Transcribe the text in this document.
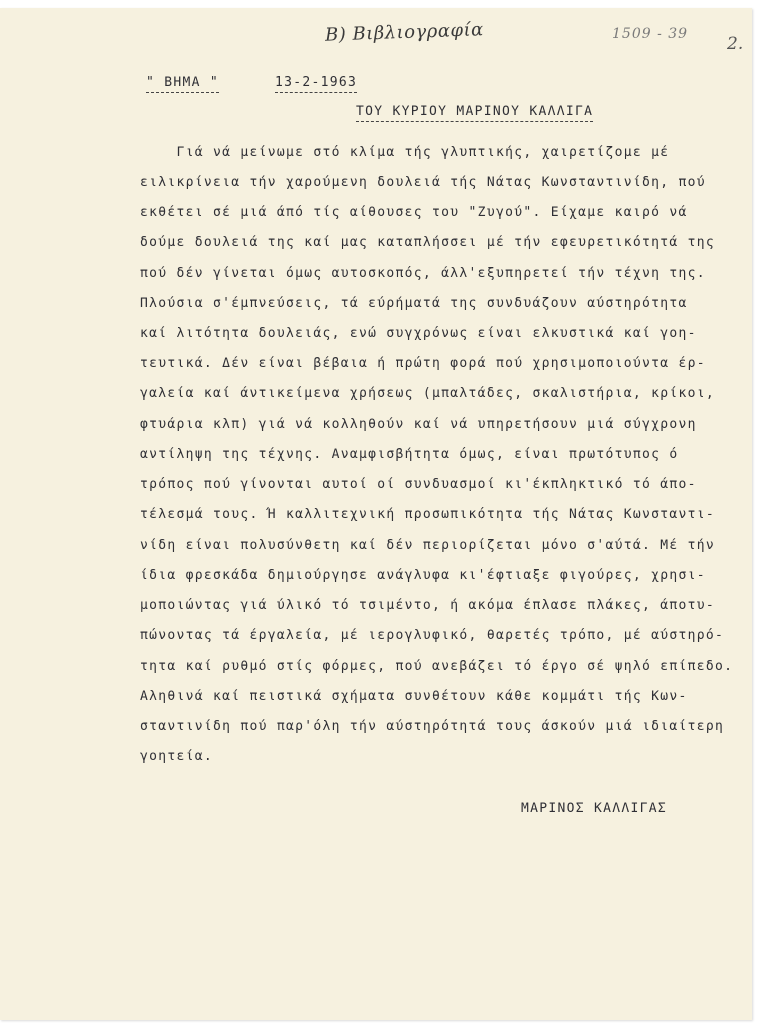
Β) Βιβλιογραφία	1509 - 39 2.
" ΒΗΜΑ "	13-2-1963
ΤΟΥ ΚΥΡΙΟΥ ΜΑΡΙΝΟΥ ΚΑΛΛΙΓΑ
Γιά νά μείνωμε στό κλίμα τής γλυπτικής, χαιρετίζομε μέ
ειλικρίνεια τήν χαρούμενη δουλειά τής Νάτας Κωνσταντινίδη, πού
εκθέτει σέ μιά άπό τίς αίθουσες του "Ζυγού". Είχαμε καιρό νά
δούμε δουλειά της καί μας καταπλήσσει μέ τήν εφευρετικότητά της
πού δέν γίνεται όμως αυτοσκοπός, άλλ'εξυπηρετεί τήν τέχνη της.
Πλούσια σ'έμπνεύσεις, τά εύρήματά της συνδυάζουν αύστηρότητα
καί λιτότητα δουλειάς, ενώ συγχρόνως είναι ελκυστικά καί γοη-
τευτικά. Δέν είναι βέβαια ή πρώτη φορά πού χρησιμοποιούντα έρ-
γαλεία καί άντικείμενα χρήσεως (μπαλτάδες, σκαλιστήρια, κρίκοι,
φτυάρια κλπ) γιά νά κολληθούν καί νά υπηρετήσουν μιά σύγχρονη
αντίληψη της τέχνης. Αναμφισβήτητα όμως, είναι πρωτότυπος ό
τρόπος πού γίνονται αυτοί οί συνδυασμοί κι'έκπληκτικό τό άπο-
τέλεσμά τους. Ή καλλιτεχνική προσωπικότητα τής Νάτας Κωνσταντι-
νίδη είναι πολυσύνθετη καί δέν περιορίζεται μόνο σ'αύτά. Μέ τήν
ίδια φρεσκάδα δημιούργησε ανάγλυφα κι'έφτιαξε φιγούρες, χρησι-
μοποιώντας γιά ύλικό τό τσιμέντο, ή ακόμα έπλασε πλάκες, άποτυ-
πώνοντας τά έργαλεία, μέ ιερογλυφικό, θαρετές τρόπο, μέ αύστηρό-
τητα καί ρυθμό στίς φόρμες, πού ανεβάζει τό έργο σέ ψηλό επίπεδο.
Αληθινά καί πειστικά σχήματα συνθέτουν κάθε κομμάτι τής Κων-
σταντινίδη πού παρ'όλη τήν αύστηρότητά τους άσκούν μιά ιδιαίτερη
γοητεία.
ΜΑΡΙΝΟΣ ΚΑΛΛΙΓΑΣ
